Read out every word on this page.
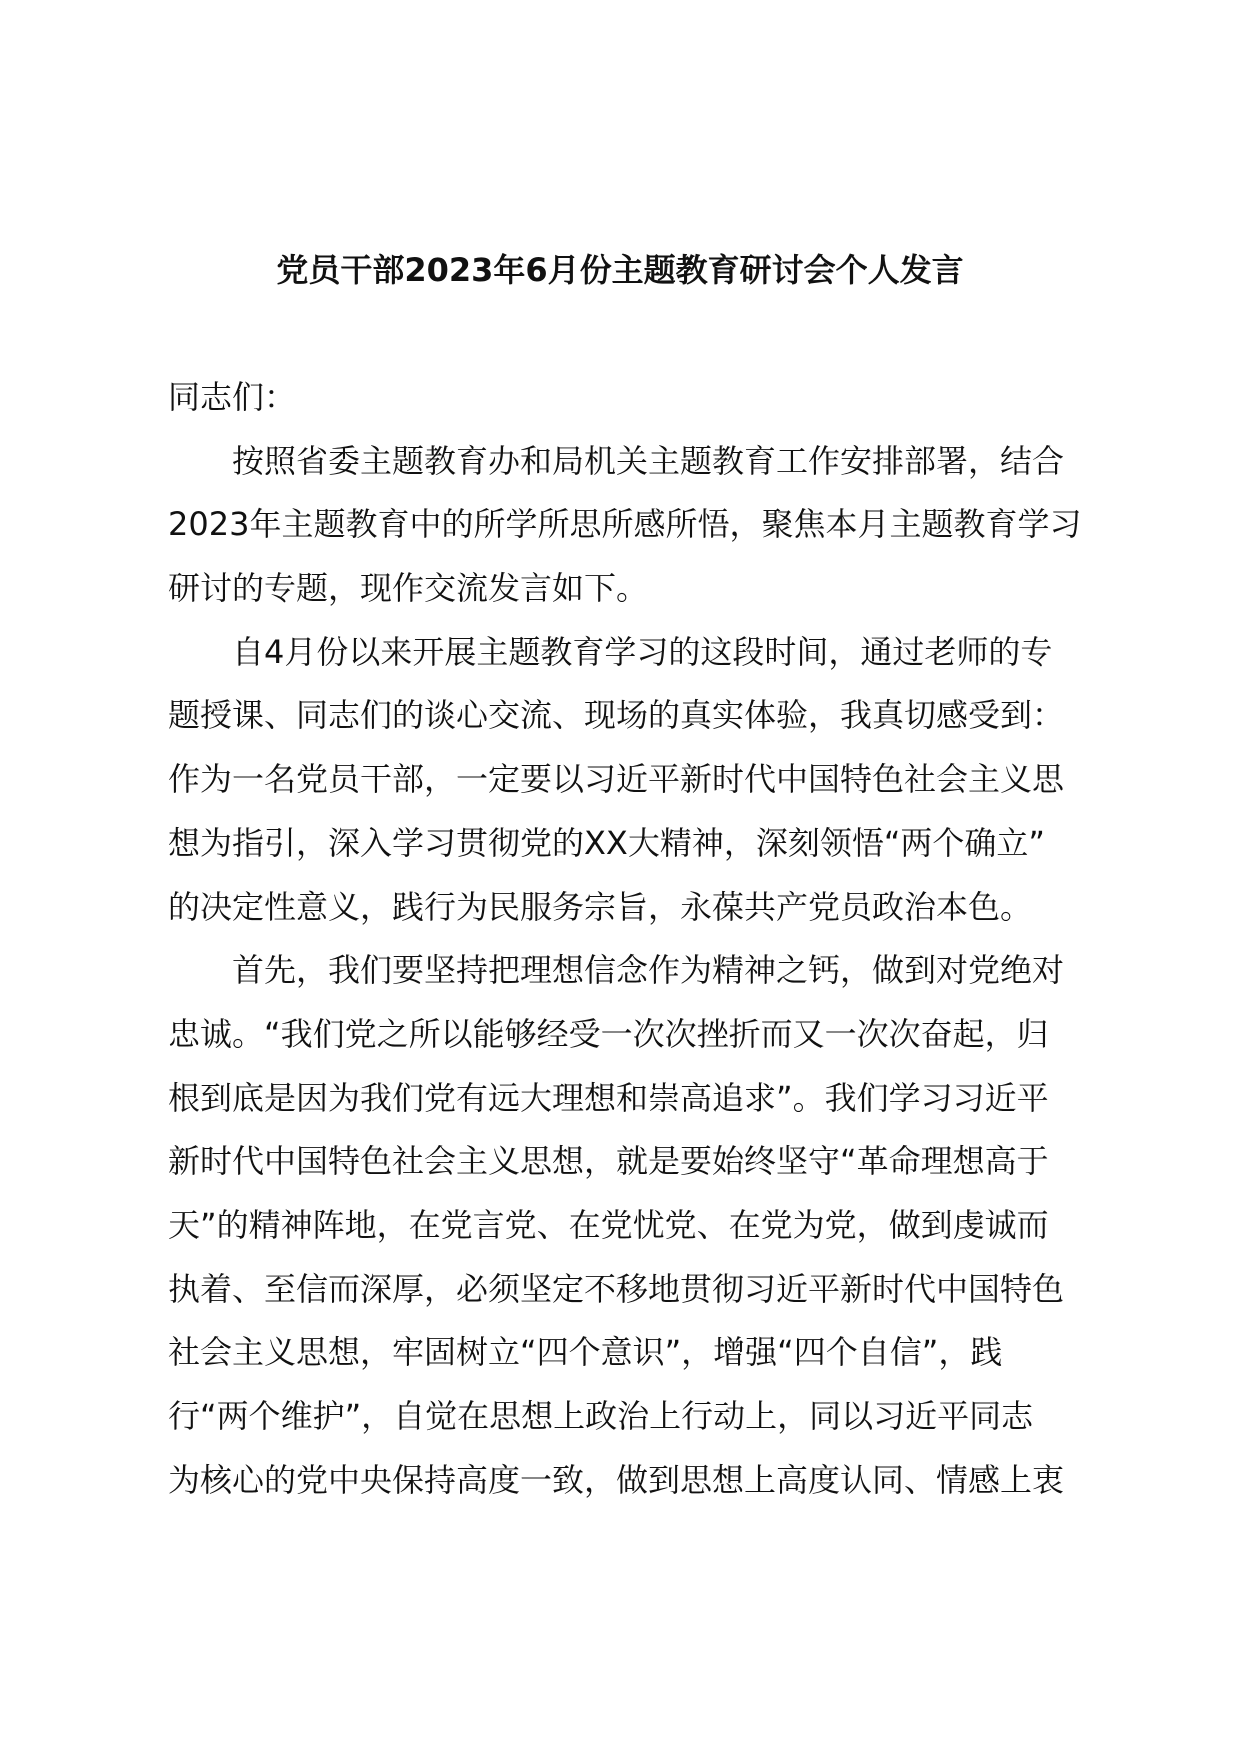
党员干部2023年6月份主题教育研讨会个人发言
同志们：
按照省委主题教育办和局机关主题教育工作安排部署，结合
2023年主题教育中的所学所思所感所悟，聚焦本月主题教育学习
研讨的专题，现作交流发言如下。
自4月份以来开展主题教育学习的这段时间，通过老师的专
题授课、同志们的谈心交流、现场的真实体验，我真切感受到：
作为一名党员干部，一定要以习近平新时代中国特色社会主义思
想为指引，深入学习贯彻党的XX大精神，深刻领悟“两个确立”
的决定性意义，践行为民服务宗旨，永葆共产党员政治本色。
首先，我们要坚持把理想信念作为精神之钙，做到对党绝对
忠诚。“我们党之所以能够经受一次次挫折而又一次次奋起，归
根到底是因为我们党有远大理想和崇高追求”。我们学习习近平
新时代中国特色社会主义思想，就是要始终坚守“革命理想高于
天”的精神阵地，在党言党、在党忧党、在党为党，做到虔诚而
执着、至信而深厚，必须坚定不移地贯彻习近平新时代中国特色
社会主义思想，牢固树立“四个意识”，增强“四个自信”，践
行“两个维护”，自觉在思想上政治上行动上，同以习近平同志
为核心的党中央保持高度一致，做到思想上高度认同、情感上衷
